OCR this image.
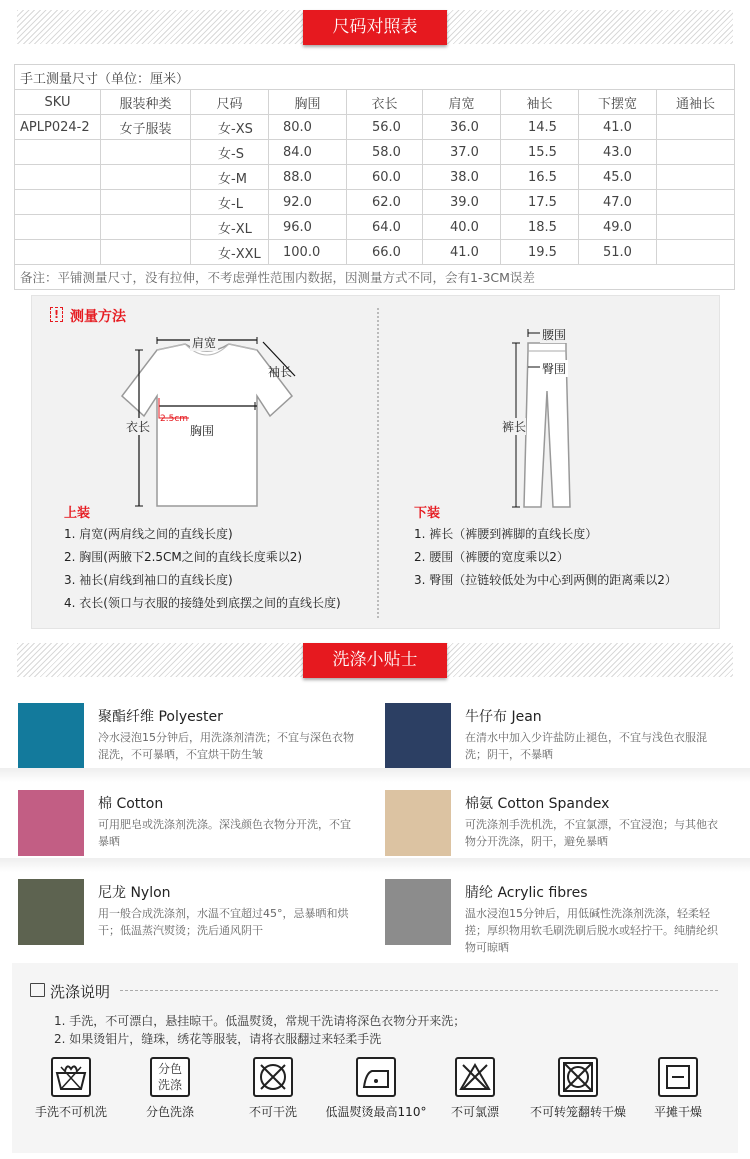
尺码对照表
手工测量尺寸（单位：厘米）								
SKU	服装种类	尺码	胸围	衣长	肩宽	袖长	下摆宽	通袖长
APLP024-2	女子服装	女-XS	80.0	56.0	36.0	14.5	41.0	
		女-S	84.0	58.0	37.0	15.5	43.0	
		女-M	88.0	60.0	38.0	16.5	45.0	
		女-L	92.0	62.0	39.0	17.5	47.0	
		女-XL	96.0	64.0	40.0	18.5	49.0	
		女-XXL	100.0	66.0	41.0	19.5	51.0	
备注：平铺测量尺寸，没有拉伸，不考虑弹性范围内数据，因测量方式不同，会有1-3CM误差								
! 测量方法
肩宽
袖长
衣长	胸围
2.5cm
腰围
臀围
裤长
上装
1. 肩宽(两肩线之间的直线长度)
2. 胸围(两腋下2.5CM之间的直线长度乘以2)
3. 袖长(肩线到袖口的直线长度)
4. 衣长(领口与衣服的接缝处到底摆之间的直线长度)
下装
1. 裤长（裤腰到裤脚的直线长度）
2. 腰围（裤腰的宽度乘以2）
3. 臀围（拉链较低处为中心到两侧的距离乘以2）
洗涤小贴士
聚酯纤维 Polyester
冷水浸泡15分钟后，用洗涤剂清洗；不宜与深色衣物混洗，不可暴晒，不宜烘干防生皱
牛仔布 Jean
在清水中加入少许盐防止褪色，不宜与浅色衣服混洗；阴干，不暴晒
棉 Cotton
可用肥皂或洗涤剂洗涤。深浅颜色衣物分开洗，不宜暴晒
棉氨 Cotton Spandex
可洗涤剂手洗机洗，不宜氯漂，不宜浸泡；与其他衣物分开洗涤，阴干，避免暴晒
尼龙 Nylon
用一般合成洗涤剂，水温不宜超过45°，忌暴晒和烘干；低温蒸汽熨烫；洗后通风阴干
腈纶 Acrylic fibres
温水浸泡15分钟后，用低碱性洗涤剂洗涤，轻柔轻搓；厚织物用软毛刷洗刷后脱水或轻拧干。纯腈纶织物可晾晒
洗涤说明
1. 手洗，不可漂白，悬挂晾干。低温熨烫，常规干洗请将深色衣物分开来洗；
2. 如果烫钼片，缝珠，绣花等服装，请将衣服翻过来轻柔手洗
分色
洗涤
手洗不可机洗	分色洗涤	不可干洗	低温熨烫最高110°	不可氯漂	不可转笼翻转干燥	平摊干燥
